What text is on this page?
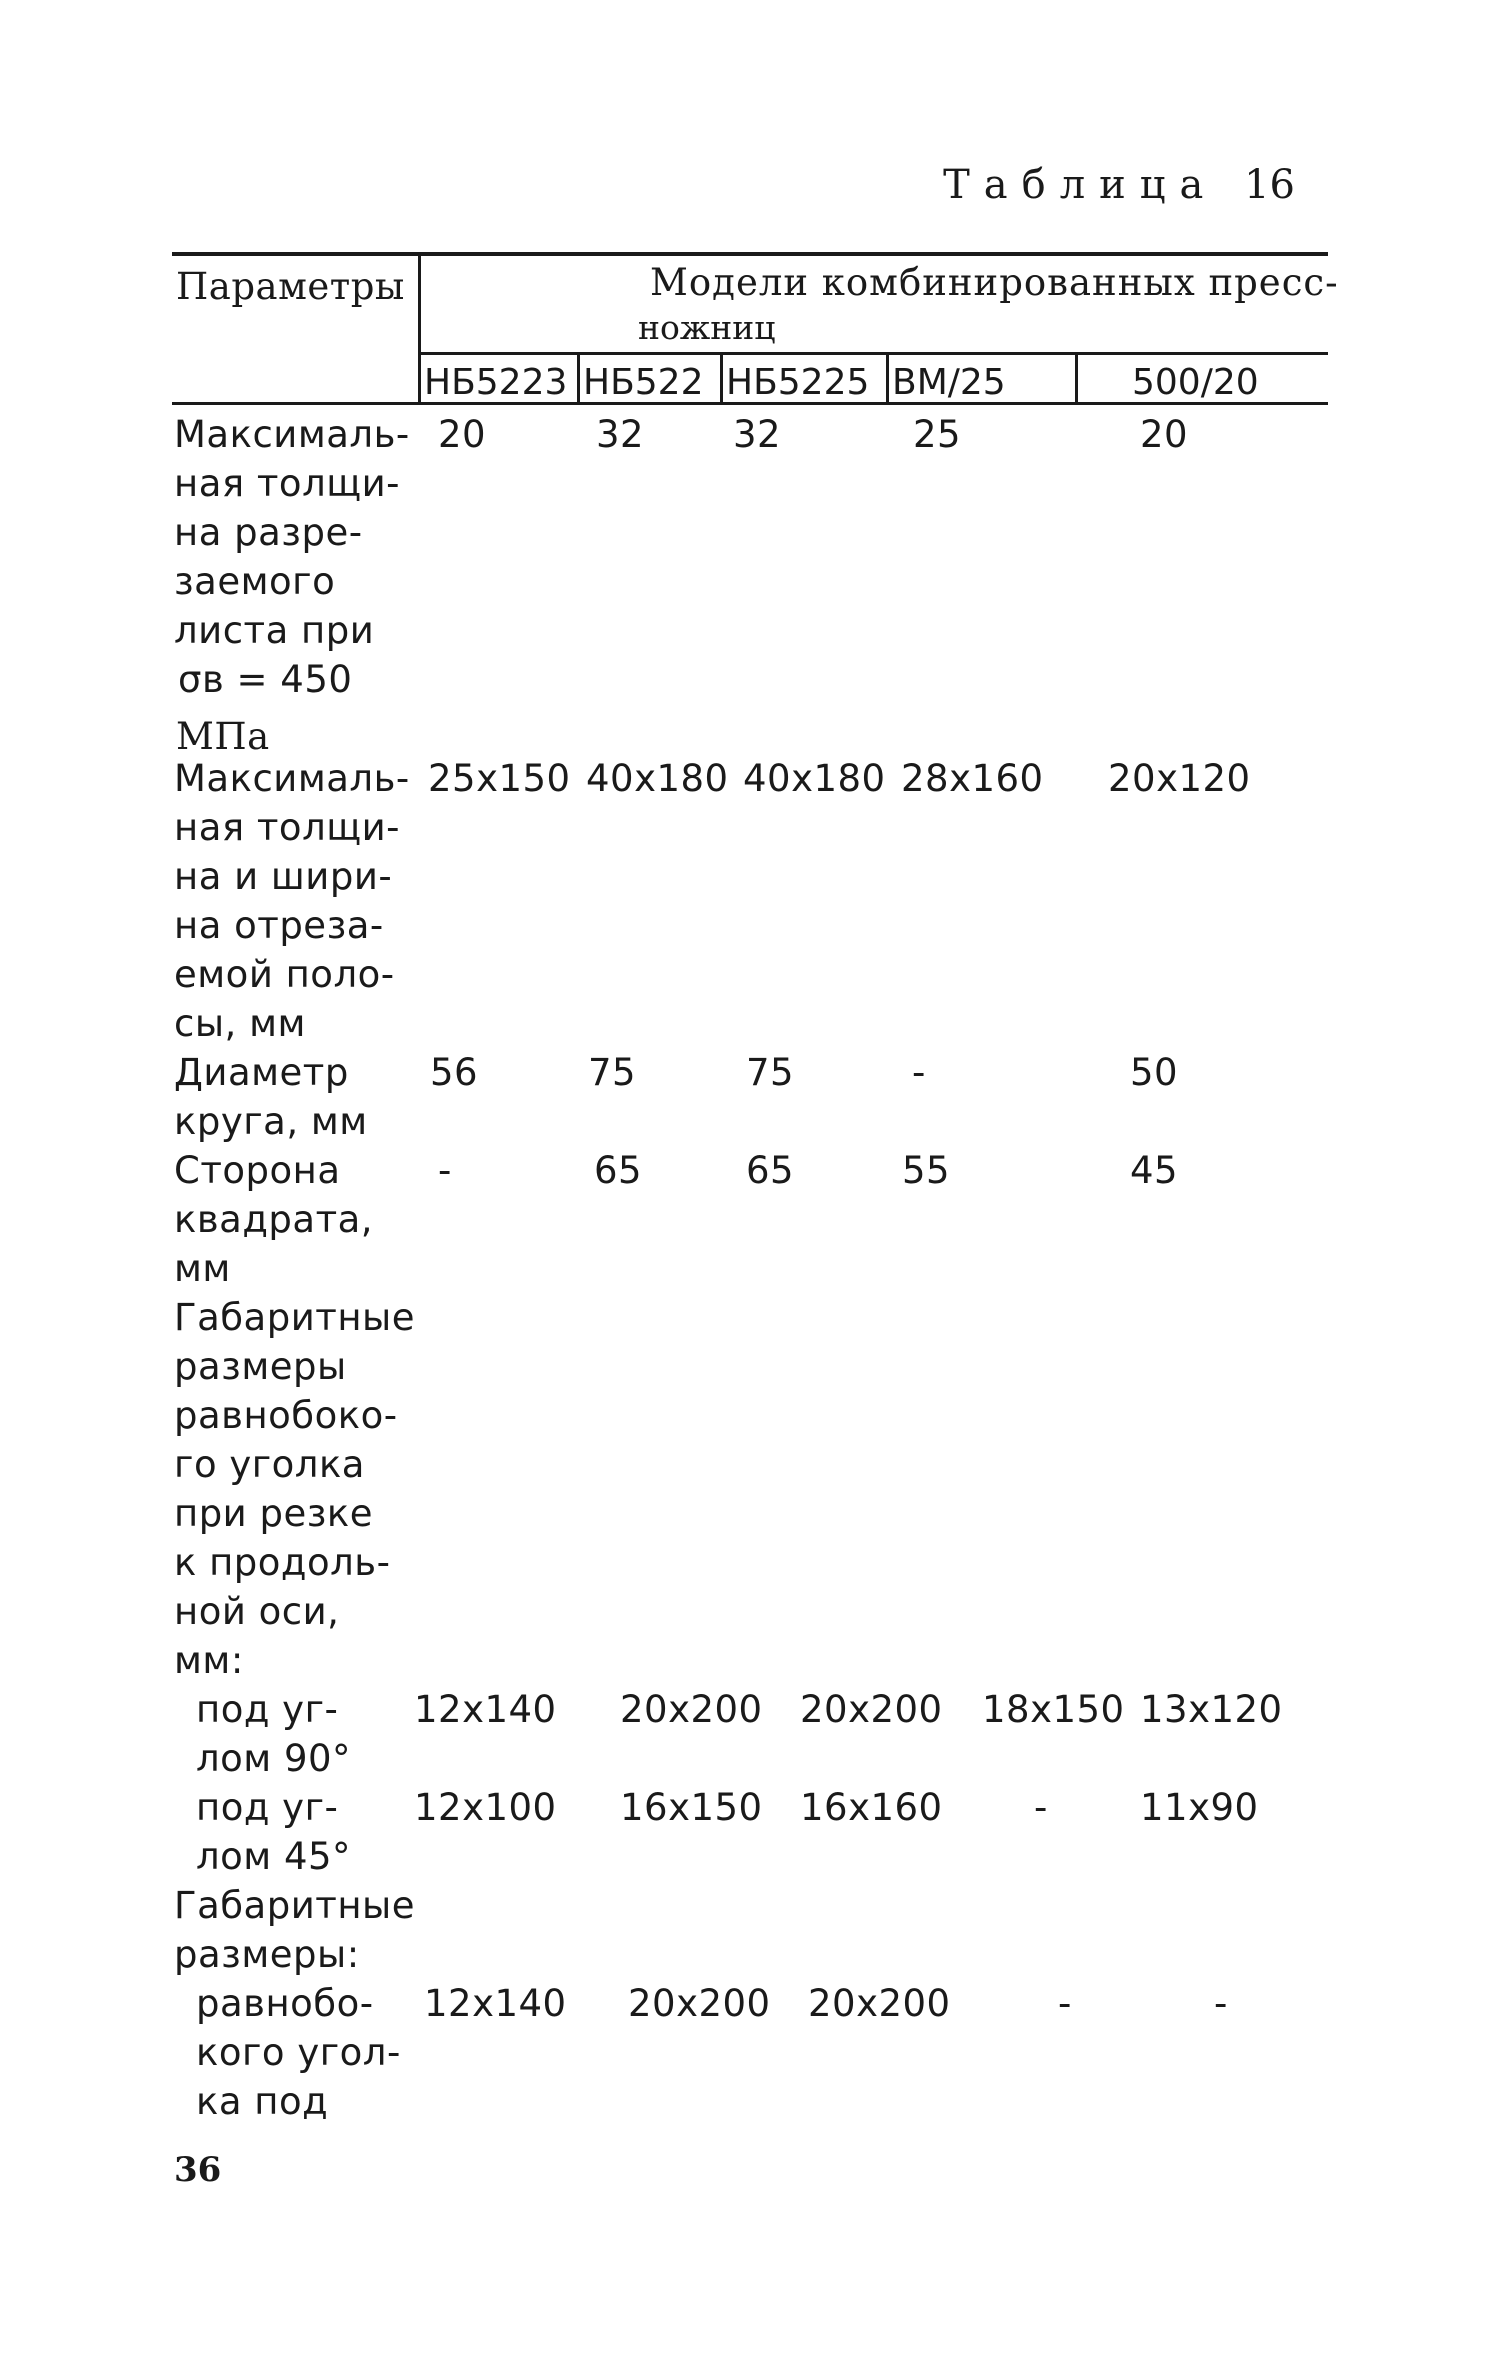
Таблица 16
Параметры	Модели комбинированных пресс-
ножниц
НБ5223 НБ522 НБ5225 ВМ/25	500/20
Максималь-
ная толщи-
на разре-
заемого
листа при
σв = 450
МПа
20	32 32	25	20
Максималь-
ная толщи-
на и шири-
на отреза-
емой поло-
сы, мм
25x150 40x180 40x180 28x160 20x120
Диаметр
круга, мм
56	75	75	-	50
Сторона
квадрата,
мм
-	65	65	55	45
Габаритные
размеры
равнобоко-
го уголка
при резке
к продоль-
ной оси,
мм:
под уг-
лом 90°
12x140 20x200 20x200 18x150 13x120
под уг-
лом 45°
12x100 16x150 16x160 - 11x90
Габаритные
размеры:
равнобо-
кого угол-
ка под
12x140 20x200 20x200	-	-
36
